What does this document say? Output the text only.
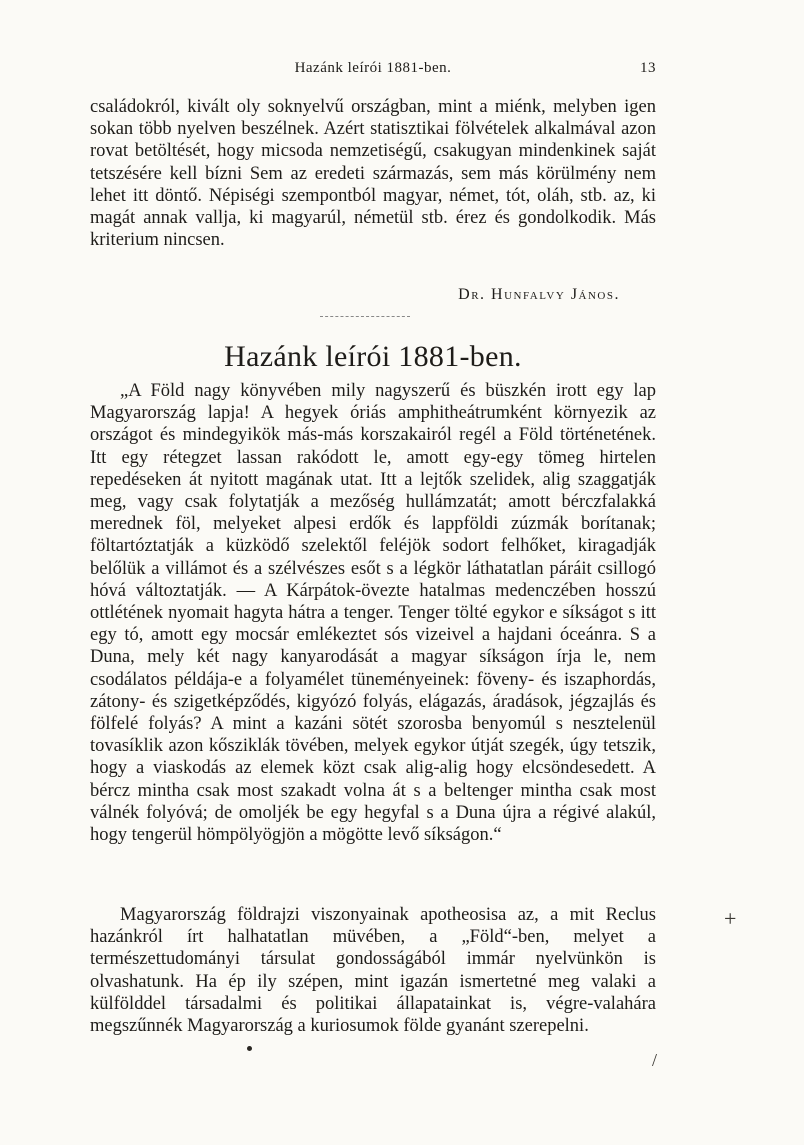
Hazánk leírói 1881-ben.	13

családokról, kivált oly soknyelvű országban, mint a miénk, melyben igen sokan több nyelven beszélnek. Azért statisztikai fölvételek alkalmával azon rovat betöltését, hogy micsoda nemzetiségű, csakugyan mindenkinek saját tetszésére kell bízni Sem az eredeti származás, sem más körülmény nem lehet itt döntő. Népiségi szempontból magyar, német, tót, oláh, stb. az, ki magát annak vallja, ki magyarúl, németül stb. érez és gondolkodik. Más kriterium nincsen.

Dr. Hunfalvy János.
Hazánk leírói 1881-ben.

„A Föld nagy könyvében mily nagyszerű és büszkén irott egy lap Magyarország lapja! A hegyek óriás amphitheátrumként környezik az országot és mindegyikök más-más korszakairól regél a Föld történetének. Itt egy rétegzet lassan rakódott le, amott egy-egy tömeg hirtelen repedéseken át nyitott magának utat. Itt a lejtők szelidek, alig szaggatják meg, vagy csak folytatják a mezőség hullámzatát; amott bérczfalakká merednek föl, melyeket alpesi erdők és lappföldi zúzmák borítanak; föltartóztatják a küzködő szelektől feléjök sodort felhőket, kiragadják belőlük a villámot és a szélvészes esőt s a légkör láthatatlan páráit csillogó hóvá változtatják. — A Kárpátok-övezte hatalmas medenczében hosszú ottlétének nyomait hagyta hátra a tenger. Tenger tölté egykor e síkságot s itt egy tó, amott egy mocsár emlékeztet sós vizeivel a hajdani óceánra. S a Duna, mely két nagy kanyarodását a magyar síkságon írja le, nem csodálatos példája-e a folyamélet tüneményeinek: föveny- és iszaphordás, zátony- és szigetképződés, kigyózó folyás, elágazás, áradások, jégzajlás és fölfelé folyás? A mint a kazáni sötét szorosba benyomúl s nesztelenül tovasíklik azon kősziklák tövében, melyek egykor útját szegék, úgy tetszik, hogy a viaskodás az elemek közt csak alig-alig hogy elcsöndesedett. A bércz mintha csak most szakadt volna át s a beltenger mintha csak most válnék folyóvá; de omoljék be egy hegyfal s a Duna újra a régivé alakúl, hogy tengerül hömpölyögjön a mögötte levő síkságon.“

Magyarország földrajzi viszonyainak apotheosisa az, a mit Reclus hazánkról írt halhatatlan müvében, a „Föld“-ben, melyet a természettudományi társulat gondosságából immár nyelvünkön is olvashatunk. Ha ép ily szépen, mint igazán ismertetné meg valaki a külfölddel társadalmi és politikai állapatainkat is, végre-valahára megszűnnék Magyarország a kuriosumok földe gyanánt szerepelni.

+
/
